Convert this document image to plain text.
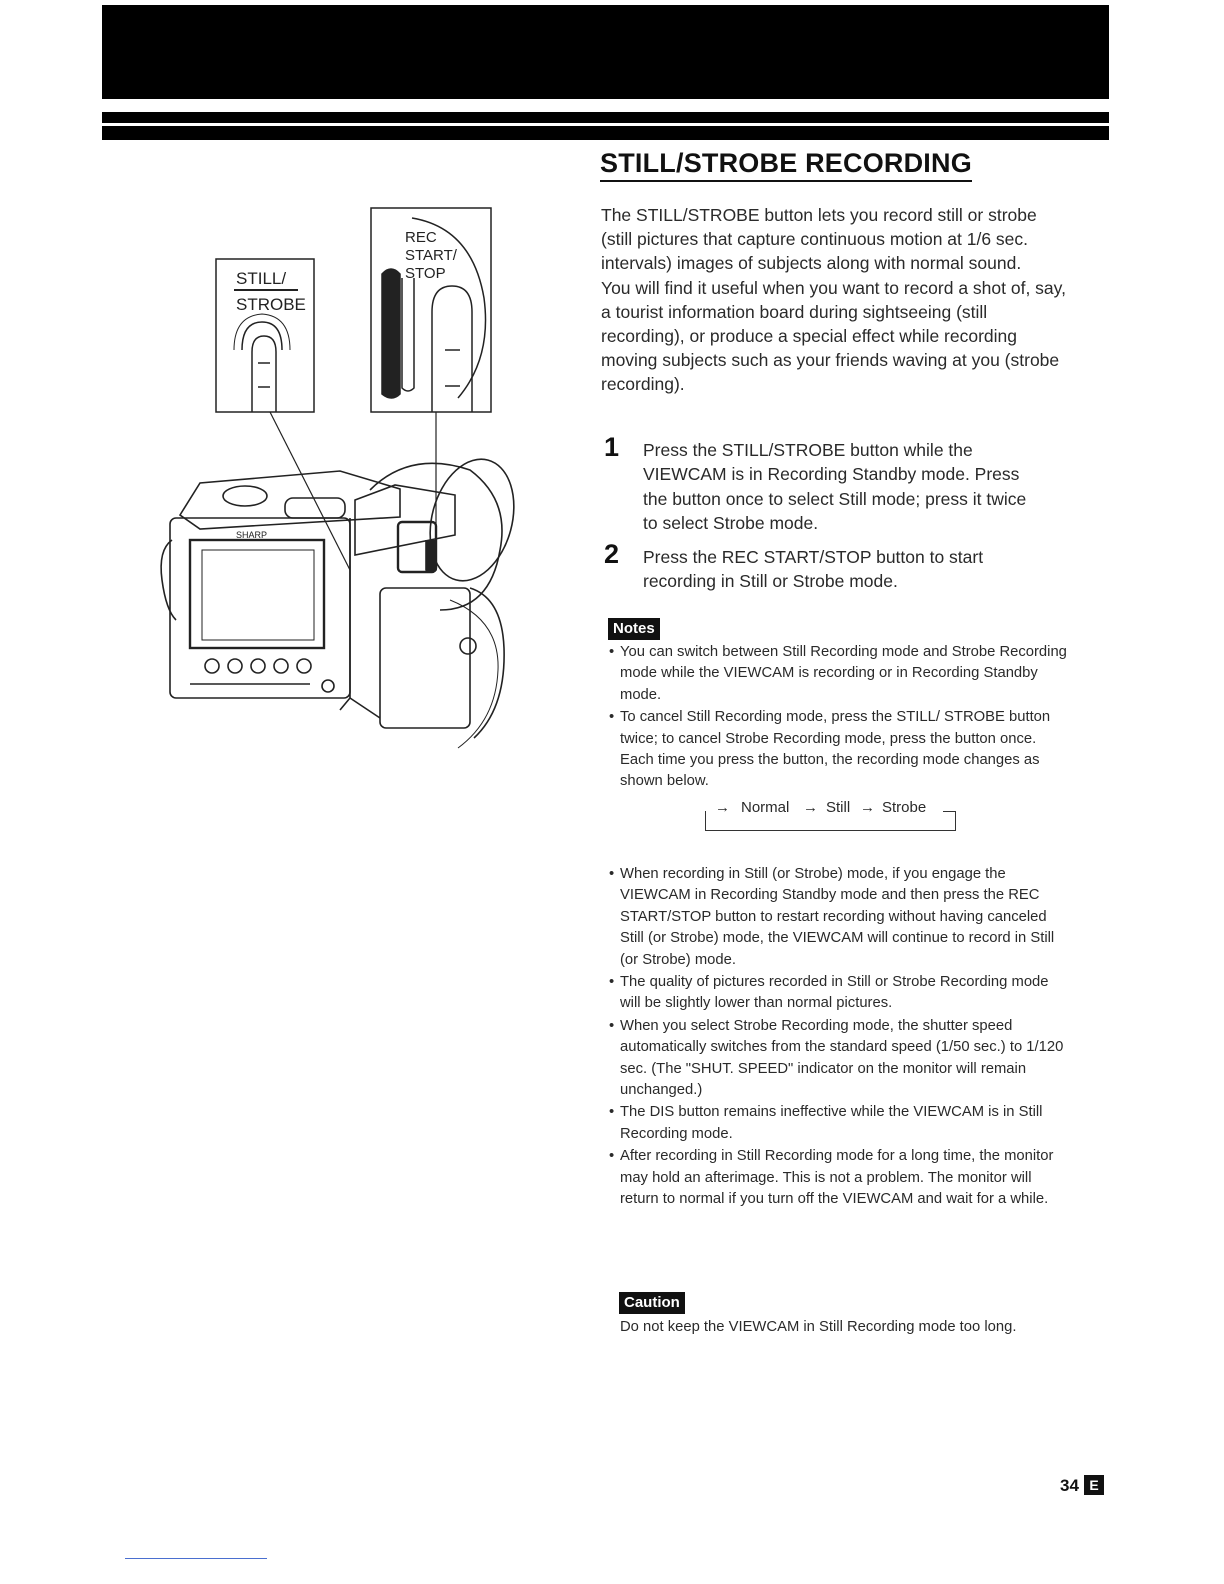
STILL/
STROBE
REC
START/
STOP
SHARP
STILL/STROBE RECORDING

The STILL/STROBE button lets you record still or strobe (still pictures that capture continuous motion at 1/6 sec. intervals) images of subjects along with normal sound.

You will find it useful when you want to record a shot of, say, a tourist information board during sightseeing (still recording), or produce a special effect while recording moving subjects such as your friends waving at you (strobe recording).

1 Press the STILL/STROBE button while the VIEWCAM is in Recording Standby mode. Press the button once to select Still mode; press it twice to select Strobe mode.
2 Press the REC START/STOP button to start recording in Still or Strobe mode.
Notes
• You can switch between Still Recording mode and Strobe Recording mode while the VIEWCAM is recording or in Recording Standby mode.
• To cancel Still Recording mode, press the STILL/ STROBE button twice; to cancel Strobe Recording mode, press the button once. Each time you press the button, the recording mode changes as shown below.
→ Normal → Still → Strobe
• When recording in Still (or Strobe) mode, if you engage the VIEWCAM in Recording Standby mode and then press the REC START/STOP button to restart recording without having canceled Still (or Strobe) mode, the VIEWCAM will continue to record in Still (or Strobe) mode.
• The quality of pictures recorded in Still or Strobe Recording mode will be slightly lower than normal pictures.
• When you select Strobe Recording mode, the shutter speed automatically switches from the standard speed (1/50 sec.) to 1/120 sec. (The "SHUT. SPEED" indicator on the monitor will remain unchanged.)
• The DIS button remains ineffective while the VIEWCAM is in Still Recording mode.
• After recording in Still Recording mode for a long time, the monitor may hold an afterimage. This is not a problem. The monitor will return to normal if you turn off the VIEWCAM and wait for a while.
Caution

Do not keep the VIEWCAM in Still Recording mode too long.

34 E
